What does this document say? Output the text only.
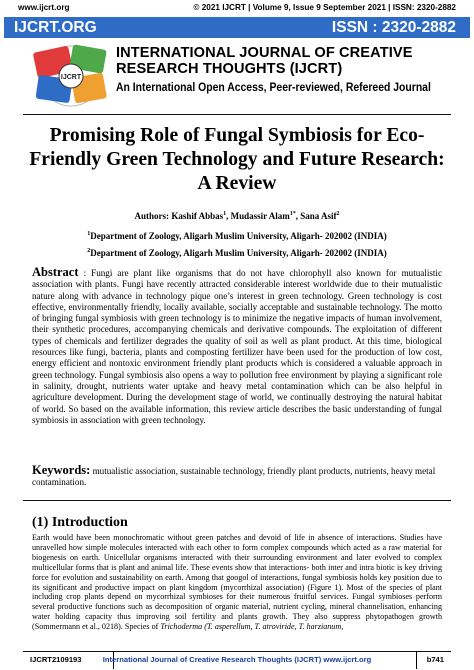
www.ijcrt.org	© 2021 IJCRT | Volume 9, Issue 9 September 2021 | ISSN: 2320-2882
IJCRT.ORG	ISSN : 2320-2882
IJCRT
INTERNATIONAL JOURNAL OF CREATIVE
RESEARCH THOUGHTS (IJCRT)
An International Open Access, Peer-reviewed, Refereed Journal
Promising Role of Fungal Symbiosis for Eco-
Friendly Green Technology and Future Research:
A Review
Authors: Kashif Abbas$^1$, Mudassir Alam$^{1*}$, Sana Asif$^2$
$^1$Department of Zoology, Aligarh Muslim University, Aligarh- 202002 (INDIA)
$^2$Department of Zoology, Aligarh Muslim University, Aligarh- 202002 (INDIA)
Abstract : Fungi are plant like organisms that do not have chlorophyll also known for mutualistic association with plants. Fungi have recently attracted considerable interest worldwide due to their mutualistic nature along with advance in technology pique one’s interest in green technology. Green technology is cost effective, environmentally friendly, locally available, socially acceptable and sustainable technology. The motto of bringing fungal symbiosis with green technology is to minimize the negative impacts of human involvement, their synthetic procedures, accompanying chemicals and derivative compounds. The exploitation of different types of chemicals and fertilizer degrades the quality of soil as well as plant product. At this time, biological resources like fungi, bacteria, plants and composting fertilizer have been used for the production of low cost, energy efficient and nontoxic environment friendly plant products which is considered a valuable approach in green technology. Fungal symbiosis also opens a way to pollution free environment by playing a significant role in salinity, drought, nutrients water uptake and heavy metal contamination which can be also helpful in agriculture development. During the development stage of world, we continually destroying the natural habitat of world. So based on the available information, this review article describes the basic understanding of fungal symbiosis in association with green technology.
Keywords: mutualistic association, sustainable technology, friendly plant products, nutrients, heavy metal contamination.
(1) Introduction
Earth would have been monochromatic without green patches and devoid of life in absence of interactions. Studies have unravelled how simple molecules interacted with each other to form complex compounds which acted as a raw material for biogenesis on earth. Unicellular organisms interacted with their surrounding environment and later evolved to complex multicellular forms that is plant and animal life. These events show that interactions- both inter and intra biotic is key driving force for evolution and sustainability on earth. Among that googol of interactions, fungal symbiosis holds key position due to its significant and productive impact on plant kingdom (mycorrhizal association) (Figure 1). Most of the species of plant including crop plants depend on mycorrhizal symbioses for their numerous fruitful services. Fungal symbioses perform several productive functions such as decomposition of organic material, nutrient cycling, mineral channelisation, enhancing water holding capacity thus improving soil fertility and plants growth. They also suppress phytopathogen growth (Sommermann et al., 0218). Species of Trichoderma (T. asperellum, T. atroviride, T. harzianum,
IJCRT2109193	International Journal of Creative Research Thoughts (IJCRT) www.ijcrt.org	b741
